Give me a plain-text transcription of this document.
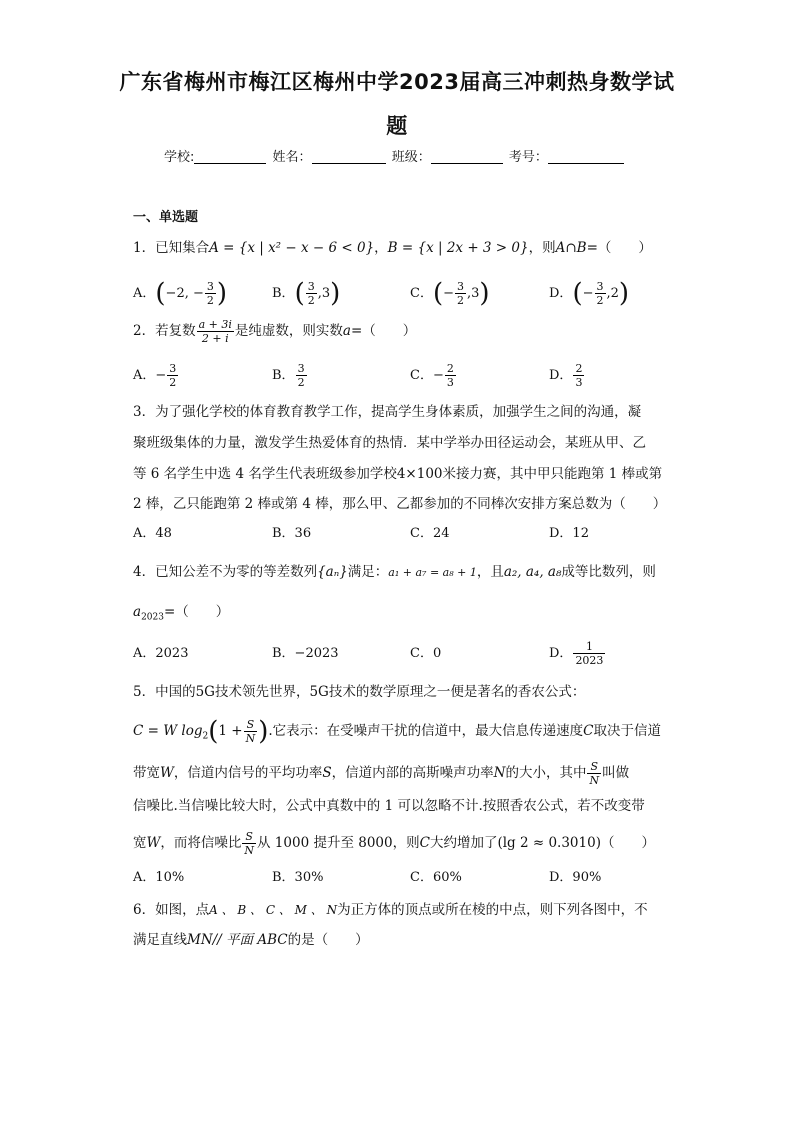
广东省梅州市梅江区梅州中学2023届高三冲刺热身数学试
题
学校:	姓名：	班级：	考号：
一、单选题
1．已知集合A = {x | x² − x − 6 < 0}，B = {x | 2x + 3 > 0}，则A∩B=（　　）
A．(−2, − $\frac{3}{2}$ )	B．( $\frac{3}{2} ,3$)	C．(− $\frac{3}{2} ,3$)	D．(− $\frac{3}{2} ,2$)
2．若复数 $\frac{a + 3i}{2 + i}$ 是纯虚数，则实数a=（　　）
A．− $\frac{3}{2}$	B． $\frac{3}{2}$	C．− $\frac{2}{3}$	D． $\frac{2}{3}$
3．为了强化学校的体育教育教学工作，提高学生身体素质，加强学生之间的沟通，凝
聚班级集体的力量，激发学生热爱体育的热情．某中学举办田径运动会，某班从甲、乙
等 6 名学生中选 4 名学生代表班级参加学校4×100米接力赛，其中甲只能跑第 1 棒或第
2 棒，乙只能跑第 2 棒或第 4 棒，那么甲、乙都参加的不同棒次安排方案总数为（　　）
A．48	B．36	C．24	D．12
4．已知公差不为零的等差数列{aₙ}满足：a₁ + a₇ = a₈ + 1，且a₂, a₄, a₈成等比数列，则
$a_{2023}=$（　　）
A．2023	B．−2023	C．0	D． $\frac{1}{2023}$
5．中国的5G技术领先世界，5G技术的数学原理之一便是著名的香农公式：
C = W $\log_2(1 + \frac{S}{N}$ ).它表示：在受噪声干扰的信道中，最大信息传递速度C取决于信道
带宽W，信道内信号的平均功率S，信道内部的高斯噪声功率N的大小，其中 $\frac{S}{N}$ 叫做
信噪比.当信噪比较大时，公式中真数中的 1 可以忽略不计.按照香农公式，若不改变带
宽W，而将信噪比 $\frac{S}{N}$ 从 1000 提升至 8000，则C大约增加了(lg 2 ≈ 0.3010)（　　）
A．10%	B．30%	C．60%	D．90%
6．如图，点A 、 B 、 C 、 M 、 N为正方体的顶点或所在棱的中点，则下列各图中，不
满足直线MN// 平面 ABC的是（　　）
